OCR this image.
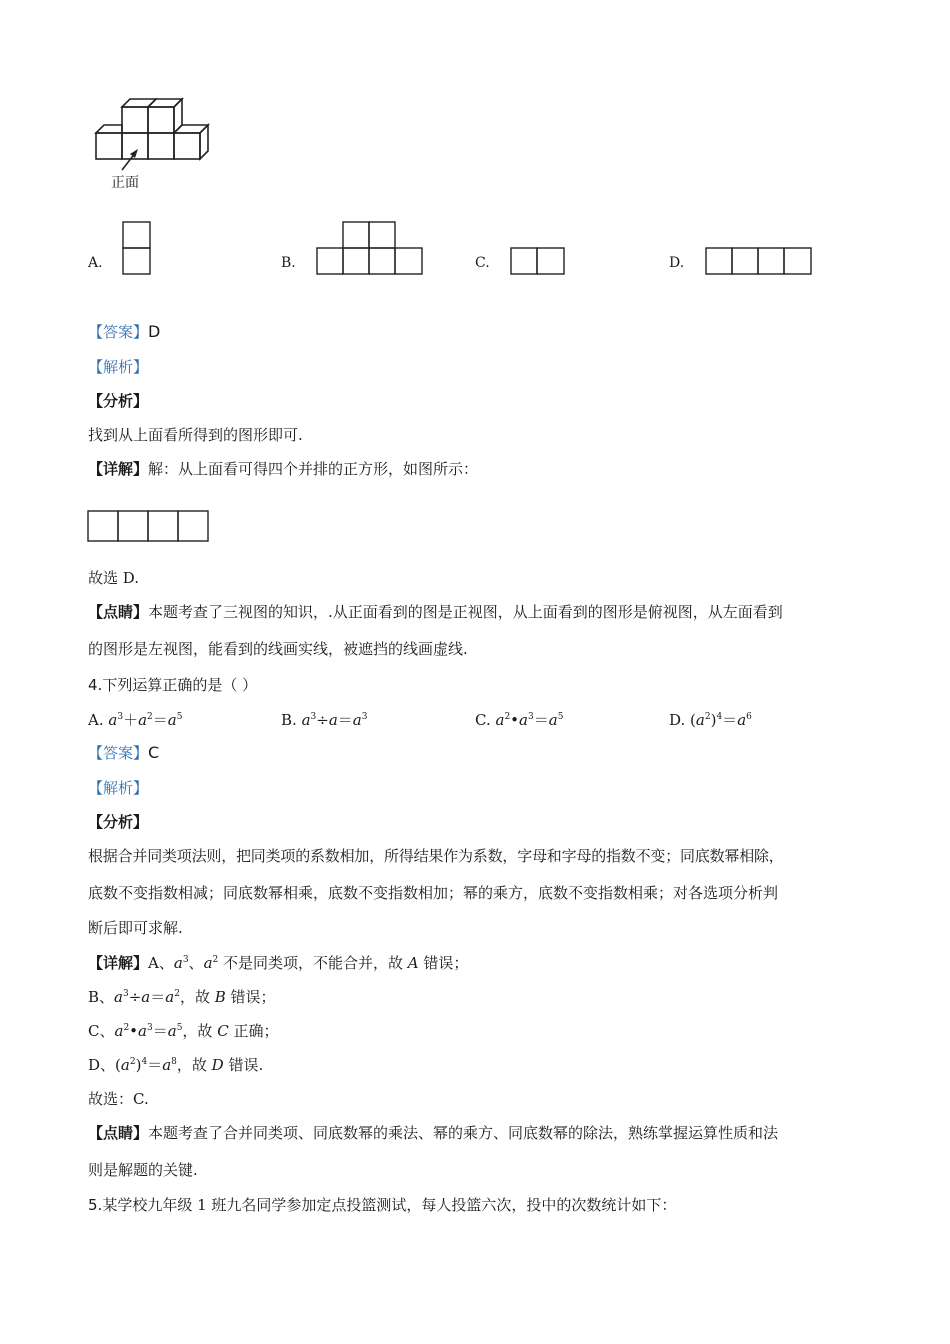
正面
A.	B.	C.	D.
【答案】D
【解析】
【分析】
找到从上面看所得到的图形即可.
【详解】解：从上面看可得四个并排的正方形，如图所示：
故选 D.
【点睛】本题考查了三视图的知识，.从正面看到的图是正视图，从上面看到的图形是俯视图，从左面看到
的图形是左视图，能看到的线画实线，被遮挡的线画虚线.
4.下列运算正确的是（ ）
A. $a^3+a^2=a^5$	B. $a^3\div a=a^3$	C. $a^2•a^3=a^5$	D. $(a^2)^4=a^6$
【答案】C
【解析】
【分析】
根据合并同类项法则，把同类项的系数相加，所得结果作为系数，字母和字母的指数不变；同底数幂相除，
底数不变指数相减；同底数幂相乘，底数不变指数相加；幂的乘方，底数不变指数相乘；对各选项分析判
断后即可求解.
【详解】A、$a^3$、$a^2$ 不是同类项，不能合并，故 A 错误；
B、$a^3\div a=a^2$，故 B 错误；
C、$a^2•a^3=a^5$，故 C 正确；
D、$(a^2)^4=a^8$，故 D 错误.
故选：C.
【点睛】本题考查了合并同类项、同底数幂的乘法、幂的乘方、同底数幂的除法，熟练掌握运算性质和法
则是解题的关键.
5.某学校九年级 1 班九名同学参加定点投篮测试，每人投篮六次，投中的次数统计如下：
